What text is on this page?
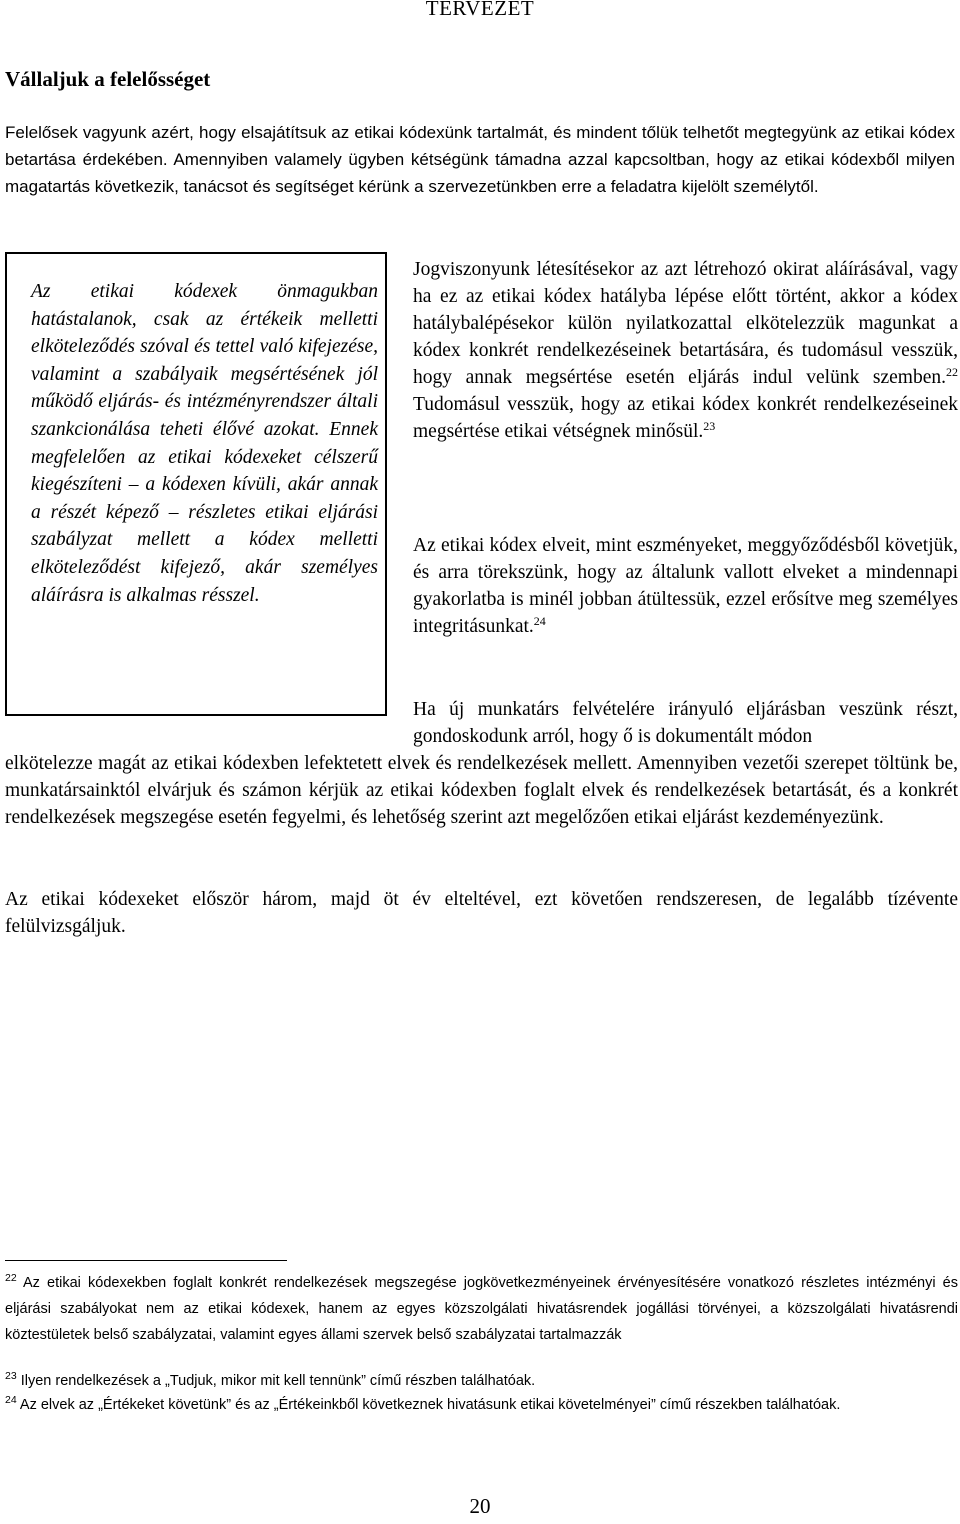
TERVEZET
Vállaljuk a felelősséget

Felelősek vagyunk azért, hogy elsajátítsuk az etikai kódexünk tartalmát, és mindent tőlük telhetőt megtegyünk az etikai kódex betartása érdekében. Amennyiben valamely ügyben kétségünk támadna azzal kapcsoltban, hogy az etikai kódexből milyen magatartás következik, tanácsot és segítséget kérünk a szervezetünkben erre a feladatra kijelölt személytől.

Az etikai kódexek önmagukban hatástalanok, csak az értékeik melletti elköteleződés szóval és tettel való kifejezése, valamint a szabályaik megsértésének jól működő eljárás- és intézményrendszer általi szankcionálása teheti élővé azokat. Ennek megfelelően az etikai kódexeket célszerű kiegészíteni – a kódexen kívüli, akár annak a részét képező – részletes etikai eljárási szabályzat mellett a kódex melletti elköteleződést kifejező, akár személyes aláírásra is alkalmas résszel.

Jogviszonyunk létesítésekor az azt létrehozó okirat aláírásával, vagy ha ez az etikai kódex hatályba lépése előtt történt, akkor a kódex hatálybalépésekor külön nyilatkozattal elkötelezzük magunkat a kódex konkrét rendelkezéseinek betartására, és tudomásul vesszük, hogy annak megsértése esetén eljárás indul velünk szemben.$^{22}$ Tudomásul vesszük, hogy az etikai kódex konkrét rendelkezéseinek megsértése etikai vétségnek minősül.$^{23}$

Az etikai kódex elveit, mint eszményeket, meggyőződésből követjük, és arra törekszünk, hogy az általunk vallott elveket a mindennapi gyakorlatba is minél jobban átültessük, ezzel erősítve meg személyes integritásunkat.$^{24}$

Ha új munkatárs felvételére irányuló eljárásban veszünk részt, gondoskodunk arról, hogy ő is dokumentált módon

elkötelezze magát az etikai kódexben lefektetett elvek és rendelkezések mellett. Amennyiben vezetői szerepet töltünk be, munkatársainktól elvárjuk és számon kérjük az etikai kódexben foglalt elvek és rendelkezések betartását, és a konkrét rendelkezések megszegése esetén fegyelmi, és lehetőség szerint azt megelőzően etikai eljárást kezdeményezünk.

Az etikai kódexeket először három, majd öt év elteltével, ezt követően rendszeresen, de legalább tízévente felülvizsgáljuk.

$^{22}$ Az etikai kódexekben foglalt konkrét rendelkezések megszegése jogkövetkezményeinek érvényesítésére vonatkozó részletes intézményi és eljárási szabályokat nem az etikai kódexek, hanem az egyes közszolgálati hivatásrendek jogállási törvényei, a közszolgálati hivatásrendi köztestületek belső szabályzatai, valamint egyes állami szervek belső szabályzatai tartalmazzák

$^{23}$ Ilyen rendelkezések a „Tudjuk, mikor mit kell tennünk” című részben találhatóak.

$^{24}$ Az elvek az „Értékeket követünk” és az „Értékeinkből következnek hivatásunk etikai követelményei” című részekben találhatóak.

20
